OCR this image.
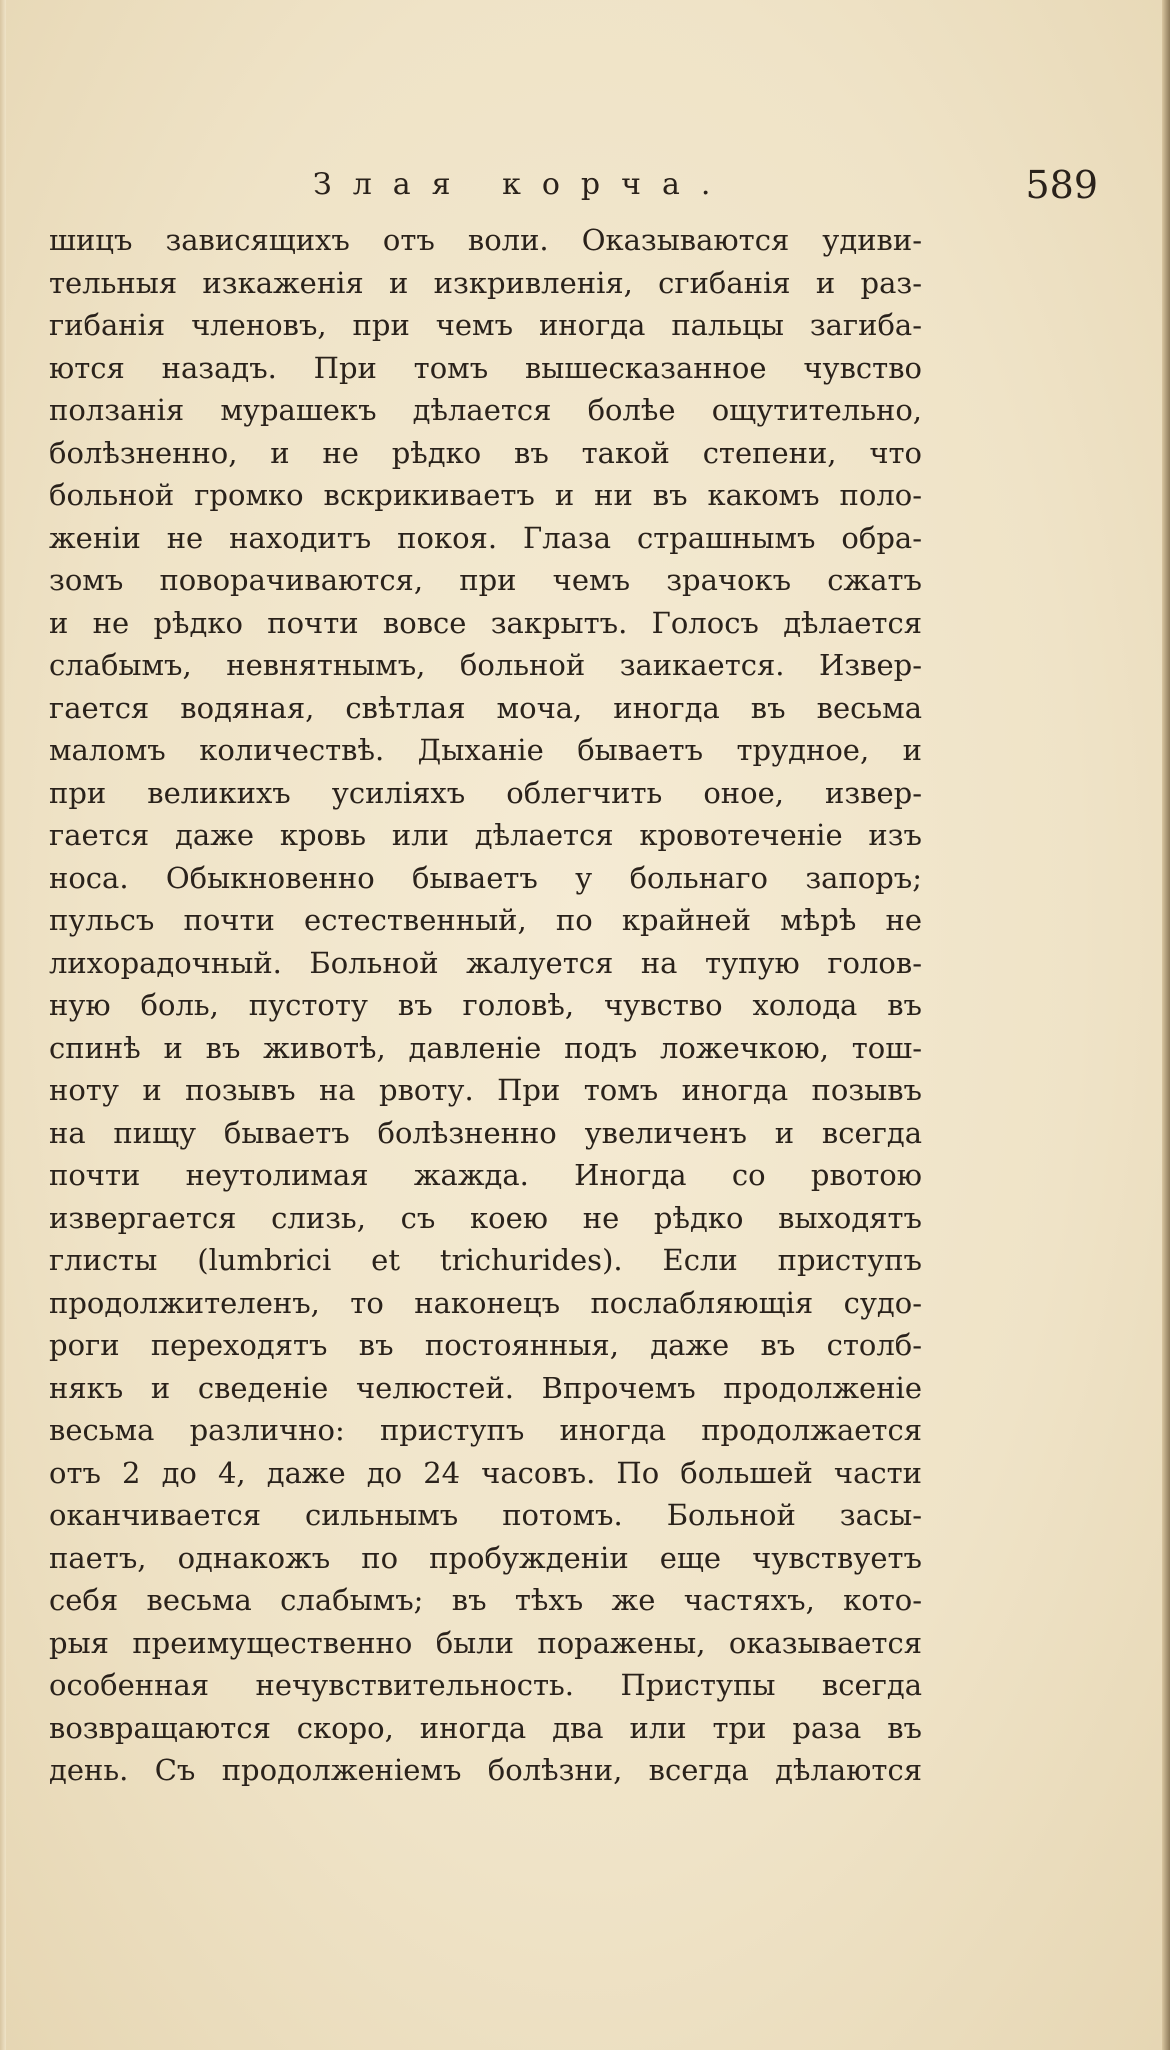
Злая корча.	589
шицъ зависящихъ отъ воли. Оказываются удиви-
тельныя изкаженія и изкривленія, сгибанія и раз-
гибанія членовъ, при чемъ иногда пальцы загиба-
ются назадъ. При томъ вышесказанное чувство
ползанія мурашекъ дѣлается болѣе ощутительно,
болѣзненно, и не рѣдко въ такой степени, что
больной громко вскрикиваетъ и ни въ какомъ поло-
женіи не находитъ покоя. Глаза страшнымъ обра-
зомъ поворачиваются, при чемъ зрачокъ сжатъ
и не рѣдко почти вовсе закрытъ. Голосъ дѣлается
слабымъ, невнятнымъ, больной заикается. Извер-
гается водяная, свѣтлая моча, иногда въ весьма
маломъ количествѣ. Дыханіе бываетъ трудное, и
при великихъ усиліяхъ облегчить оное, извер-
гается даже кровь или дѣлается кровотеченіе изъ
носа. Обыкновенно бываетъ у больнаго запоръ;
пульсъ почти естественный, по крайней мѣрѣ не
лихорадочный. Больной жалуется на тупую голов-
ную боль, пустоту въ головѣ, чувство холода въ
спинѣ и въ животѣ, давленіе подъ ложечкою, тош-
ноту и позывъ на рвоту. При томъ иногда позывъ
на пищу бываетъ болѣзненно увеличенъ и всегда
почти неутолимая жажда. Иногда со рвотою
извергается слизь, съ коею не рѣдко выходятъ
глисты (lumbrici et trichurides). Если приступъ
продолжителенъ, то наконецъ послабляющія судо-
роги переходятъ въ постоянныя, даже въ столб-
някъ и сведеніе челюстей. Впрочемъ продолженіе
весьма различно: приступъ иногда продолжается
отъ 2 до 4, даже до 24 часовъ. По большей части
оканчивается сильнымъ потомъ. Больной засы-
паетъ, однакожъ по пробужденіи еще чувствуетъ
себя весьма слабымъ; въ тѣхъ же частяхъ, кото-
рыя преимущественно были поражены, оказывается
особенная нечувствительность. Приступы всегда
возвращаются скоро, иногда два или три раза въ
день. Съ продолженіемъ болѣзни, всегда дѣлаются
